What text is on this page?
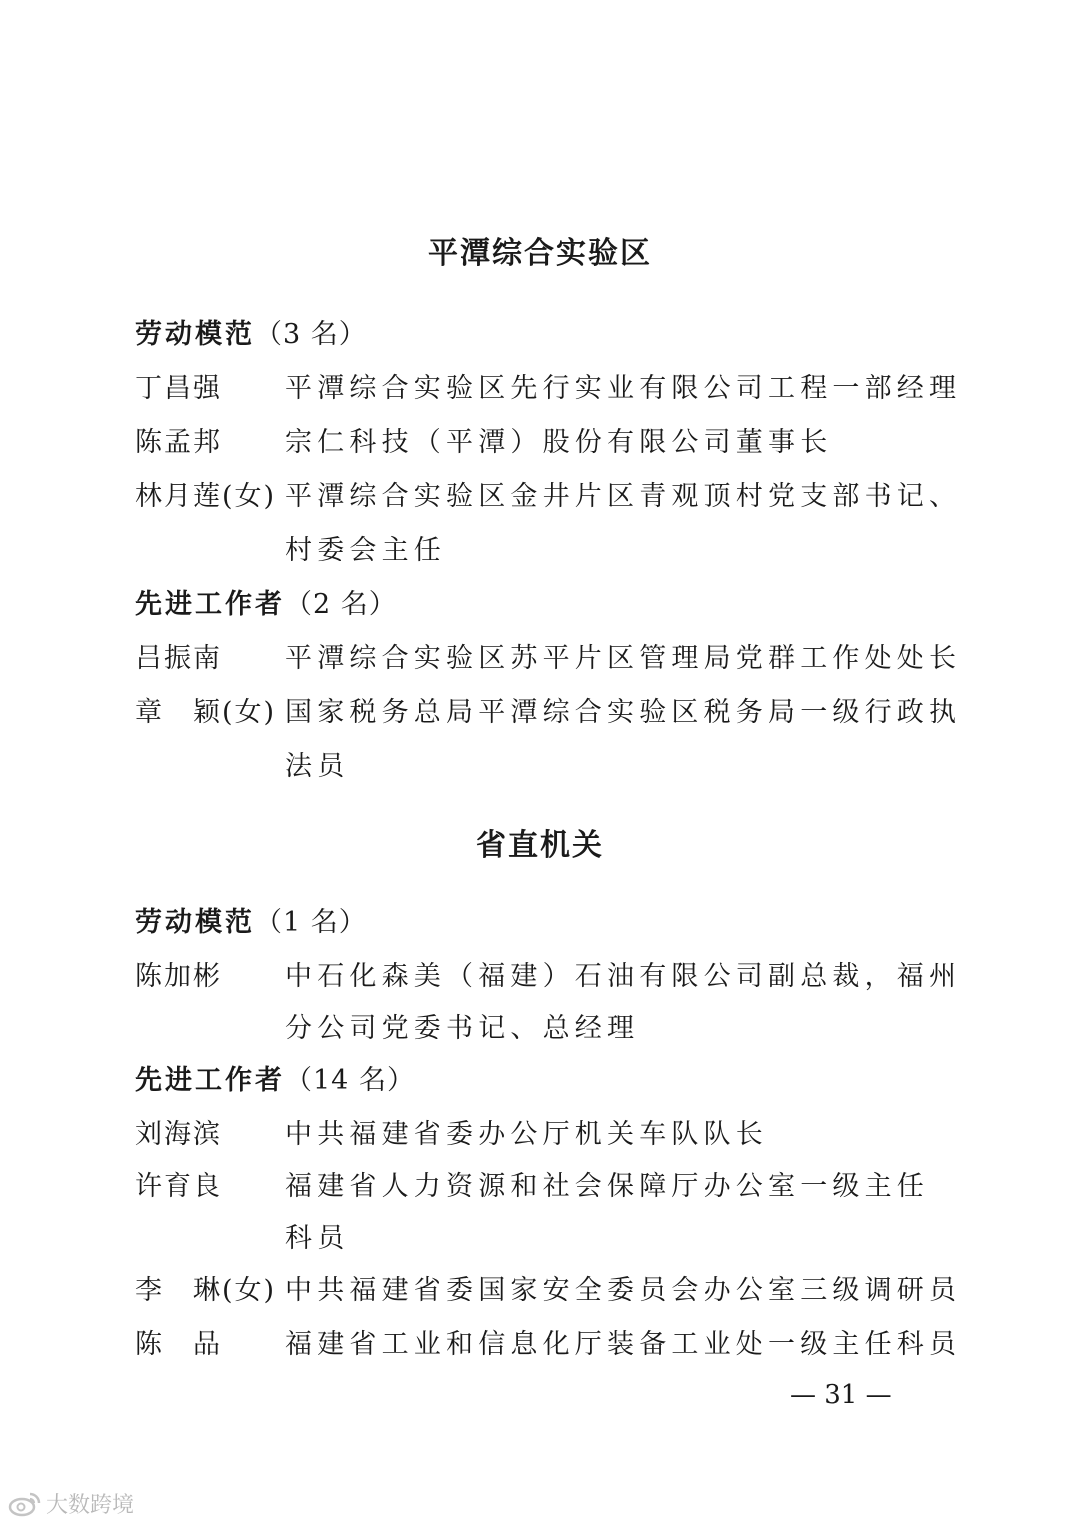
平潭综合实验区
劳动模范（3 名）
丁昌强	平潭综合实验区先行实业有限公司工程一部经理
陈孟邦	宗仁科技（平潭）股份有限公司董事长
林月莲(女) 平潭综合实验区金井片区青观顶村党支部书记、
村委会主任
先进工作者（2 名）
吕振南	平潭综合实验区苏平片区管理局党群工作处处长
章　颖(女) 国家税务总局平潭综合实验区税务局一级行政执
法员
省直机关
劳动模范（1 名）
陈加彬	中石化森美（福建）石油有限公司副总裁，福州
分公司党委书记、总经理
先进工作者（14 名）
刘海滨	中共福建省委办公厅机关车队队长
许育良	福建省人力资源和社会保障厅办公室一级主任
科员
李　琳(女) 中共福建省委国家安全委员会办公室三级调研员
陈　品	福建省工业和信息化厅装备工业处一级主任科员
— 31 —
大数跨境
